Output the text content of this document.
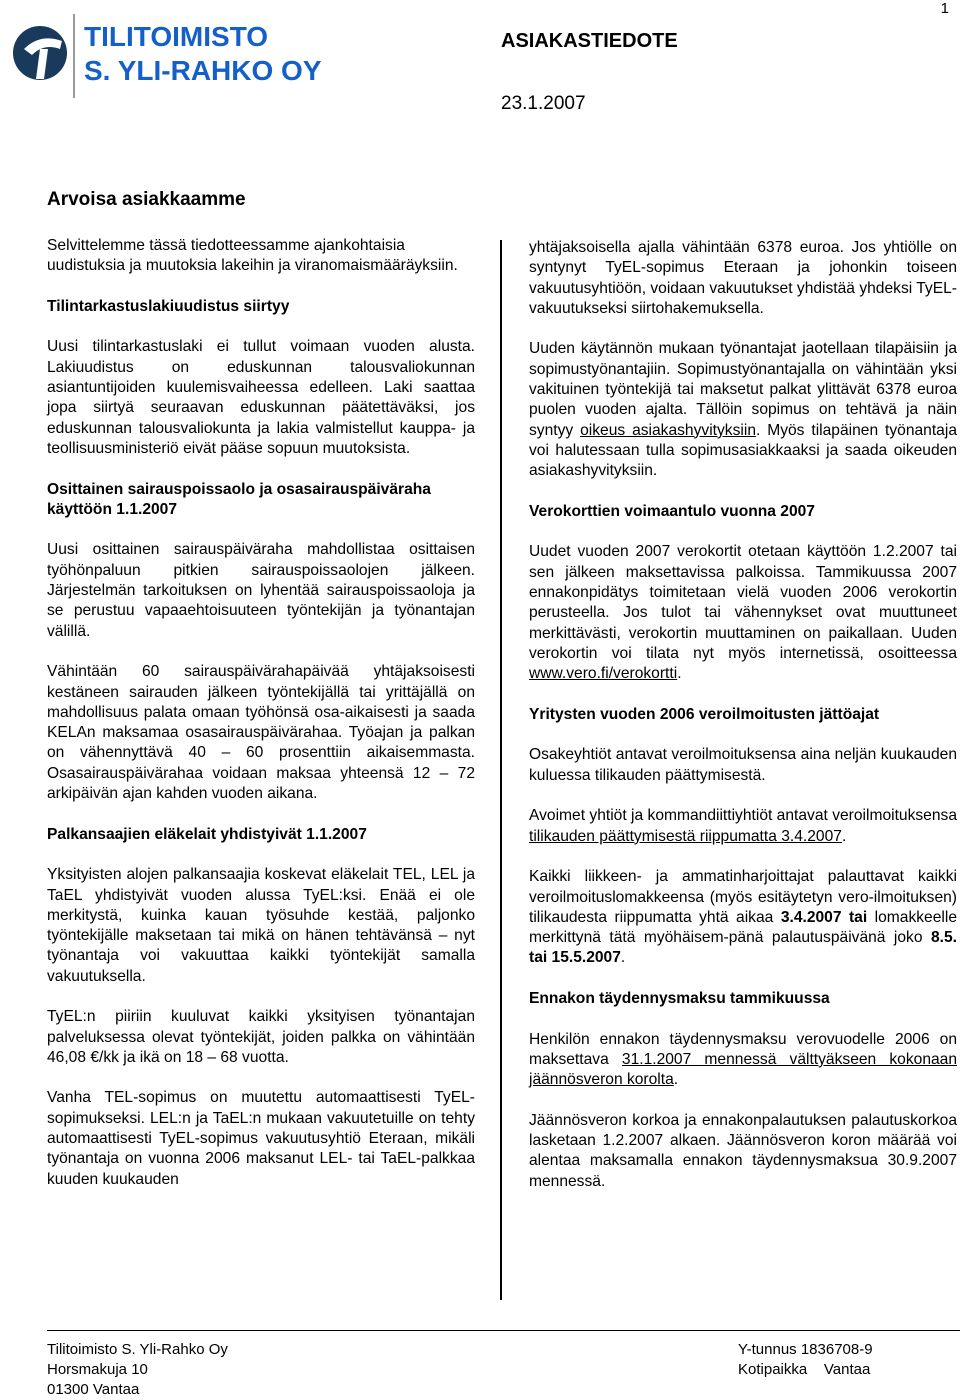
1
TILITOIMISTO
S. YLI-RAHKO OY
ASIAKASTIEDOTE
23.1.2007
Arvoisa asiakkaamme

Selvittelemme tässä tiedotteessamme ajankohtaisia uudistuksia ja muutoksia lakeihin ja viranomaismääräyksiin.

Tilintarkastuslakiuudistus siirtyy

Uusi tilintarkastuslaki ei tullut voimaan vuoden alusta. Lakiuudistus on eduskunnan talousvaliokunnan asiantuntijoiden kuulemisvaiheessa edelleen. Laki saattaa jopa siirtyä seuraavan eduskunnan päätettäväksi, jos eduskunnan talousvaliokunta ja lakia valmistellut kauppa- ja teollisuusministeriö eivät pääse sopuun muutoksista.

Osittainen sairauspoissaolo ja osasairauspäiväraha käyttöön 1.1.2007

Uusi osittainen sairauspäiväraha mahdollistaa osittaisen työhönpaluun pitkien sairauspoissaolojen jälkeen. Järjestelmän tarkoituksen on lyhentää sairauspoissaoloja ja se perustuu vapaaehtoisuuteen työntekijän ja työnantajan välillä.

Vähintään 60 sairauspäivärahapäivää yhtäjaksoisesti kestäneen sairauden jälkeen työntekijällä tai yrittäjällä on mahdollisuus palata omaan työhönsä osa-aikaisesti ja saada KELAn maksamaa osasairauspäivärahaa. Työajan ja palkan on vähennyttävä 40 – 60 prosenttiin aikaisemmasta. Osasairauspäivärahaa voidaan maksaa yhteensä 12 – 72 arkipäivän ajan kahden vuoden aikana.

Palkansaajien eläkelait yhdistyivät 1.1.2007

Yksityisten alojen palkansaajia koskevat eläkelait TEL, LEL ja TaEL yhdistyivät vuoden alussa TyEL:ksi. Enää ei ole merkitystä, kuinka kauan työsuhde kestää, paljonko työntekijälle maksetaan tai mikä on hänen tehtävänsä – nyt työnantaja voi vakuuttaa kaikki työntekijät samalla vakuutuksella.

TyEL:n piiriin kuuluvat kaikki yksityisen työnantajan palveluksessa olevat työntekijät, joiden palkka on vähintään 46,08 €/kk ja ikä on 18 – 68 vuotta.

Vanha TEL-sopimus on muutettu automaattisesti TyEL-sopimukseksi. LEL:n ja TaEL:n mukaan vakuutetuille on tehty automaattisesti TyEL-sopimus vakuutusyhtiö Eteraan, mikäli työnantaja on vuonna 2006 maksanut LEL- tai TaEL-palkkaa kuuden kuukauden

yhtäjaksoisella ajalla vähintään 6378 euroa. Jos yhtiölle on syntynyt TyEL-sopimus Eteraan ja johonkin toiseen vakuutusyhtiöön, voidaan vakuutukset yhdistää yhdeksi TyEL-vakuutukseksi siirtohakemuksella.

Uuden käytännön mukaan työnantajat jaotellaan tilapäisiin ja sopimustyönantajiin. Sopimustyönantajalla on vähintään yksi vakituinen työntekijä tai maksetut palkat ylittävät 6378 euroa puolen vuoden ajalta. Tällöin sopimus on tehtävä ja näin syntyy oikeus asiakashyvityksiin. Myös tilapäinen työnantaja voi halutessaan tulla sopimusasiakkaaksi ja saada oikeuden asiakashyvityksiin.

Verokorttien voimaantulo vuonna 2007

Uudet vuoden 2007 verokortit otetaan käyttöön 1.2.2007 tai sen jälkeen maksettavissa palkoissa. Tammikuussa 2007 ennakonpidätys toimitetaan vielä vuoden 2006 verokortin perusteella. Jos tulot tai vähennykset ovat muuttuneet merkittävästi, verokortin muuttaminen on paikallaan. Uuden verokortin voi tilata nyt myös internetissä, osoitteessa www.vero.fi/verokortti.

Yritysten vuoden 2006 veroilmoitusten jättöajat

Osakeyhtiöt antavat veroilmoituksensa aina neljän kuukauden kuluessa tilikauden päättymisestä.

Avoimet yhtiöt ja kommandiittiyhtiöt antavat veroilmoituksensa tilikauden päättymisestä riippumatta 3.4.2007.

Kaikki liikkeen- ja ammatinharjoittajat palauttavat kaikki veroilmoituslomakkeensa (myös esitäytetyn vero-ilmoituksen) tilikaudesta riippumatta yhtä aikaa 3.4.2007 tai lomakkeelle merkittynä tätä myöhäisem-pänä palautuspäivänä joko 8.5. tai 15.5.2007.

Ennakon täydennysmaksu tammikuussa

Henkilön ennakon täydennysmaksu verovuodelle 2006 on maksettava 31.1.2007 mennessä välttyäkseen kokonaan jäännösveron korolta.

Jäännösveron korkoa ja ennakonpalautuksen palautuskorkoa lasketaan 1.2.2007 alkaen. Jäännösveron koron määrää voi alentaa maksamalla ennakon täydennysmaksua 30.9.2007 mennessä.

Tilitoimisto S. Yli-Rahko Oy
Horsmakuja 10
01300 Vantaa
Y-tunnus 1836708-9
Kotipaikka    Vantaa
